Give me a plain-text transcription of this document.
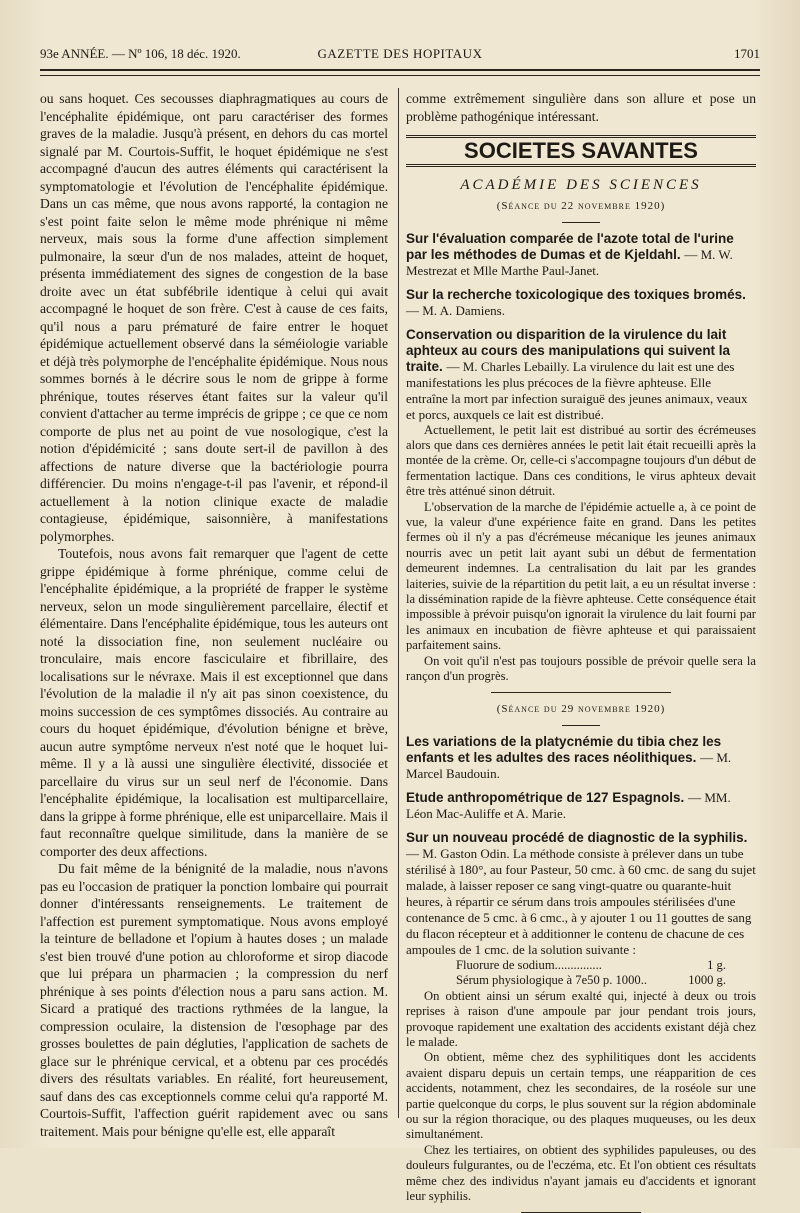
93e ANNÉE. — Nº 106, 18 déc. 1920.	GAZETTE DES HOPITAUX	1701

ou sans hoquet. Ces secousses diaphragmatiques au cours de l'encéphalite épidémique, ont paru caractériser des formes graves de la maladie. Jusqu'à présent, en dehors du cas mortel signalé par M. Courtois-Suffit, le hoquet épidémique ne s'est accompagné d'aucun des autres éléments qui caractérisent la symptomatologie et l'évolution de l'encéphalite épidémique. Dans un cas même, que nous avons rapporté, la contagion ne s'est point faite selon le même mode phrénique ni même nerveux, mais sous la forme d'une affection simplement pulmonaire, la sœur d'un de nos malades, atteint de hoquet, présenta immédiatement des signes de congestion de la base droite avec un état subfébrile identique à celui qui avait accompagné le hoquet de son frère. C'est à cause de ces faits, qu'il nous a paru prématuré de faire entrer le hoquet épidémique actuellement observé dans la séméiologie variable et déjà très polymorphe de l'encéphalite épidémique. Nous nous sommes bornés à le décrire sous le nom de grippe à forme phrénique, toutes réserves étant faites sur la valeur qu'il convient d'attacher au terme imprécis de grippe ; ce que ce nom comporte de plus net au point de vue nosologique, c'est la notion d'épidémicité ; sans doute sert-il de pavillon à des affections de nature diverse que la bactériologie pourra différencier. Du moins n'engage-t-il pas l'avenir, et répond-il actuellement à la notion clinique exacte de maladie contagieuse, épidémique, saisonnière, à manifestations polymorphes.

Toutefois, nous avons fait remarquer que l'agent de cette grippe épidémique à forme phrénique, comme celui de l'encéphalite épidémique, a la propriété de frapper le système nerveux, selon un mode singulièrement parcellaire, électif et élémentaire. Dans l'encéphalite épidémique, tous les auteurs ont noté la dissociation fine, non seulement nucléaire ou tronculaire, mais encore fasciculaire et fibrillaire, des localisations sur le névraxe. Mais il est exceptionnel que dans l'évolution de la maladie il n'y ait pas sinon coexistence, du moins succession de ces symptômes dissociés. Au contraire au cours du hoquet épidémique, d'évolution bénigne et brève, aucun autre symptôme nerveux n'est noté que le hoquet lui-même. Il y a là aussi une singulière électivité, dissociée et parcellaire du virus sur un seul nerf de l'économie. Dans l'encéphalite épidémique, la localisation est multiparcellaire, dans la grippe à forme phrénique, elle est uniparcellaire. Mais il faut reconnaître quelque similitude, dans la manière de se comporter des deux affections.

Du fait même de la bénignité de la maladie, nous n'avons pas eu l'occasion de pratiquer la ponction lombaire qui pourrait donner d'intéressants renseignements. Le traitement de l'affection est purement symptomatique. Nous avons employé la teinture de belladone et l'opium à hautes doses ; un malade s'est bien trouvé d'une potion au chloroforme et sirop diacode que lui prépara un pharmacien ; la compression du nerf phrénique à ses points d'élection nous a paru sans action. M. Sicard a pratiqué des tractions rythmées de la langue, la compression oculaire, la distension de l'œsophage par des grosses boulettes de pain dégluties, l'application de sachets de glace sur le phrénique cervical, et a obtenu par ces procédés divers des résultats variables. En réalité, fort heureusement, sauf dans des cas exceptionnels comme celui qu'a rapporté M. Courtois-Suffit, l'affection guérit rapidement avec ou sans traitement. Mais pour bénigne qu'elle est, elle apparaît

comme extrêmement singulière dans son allure et pose un problème pathogénique intéressant.

SOCIETES SAVANTES
ACADÉMIE DES SCIENCES
(Séance du 22 novembre 1920)
Sur l'évaluation comparée de l'azote total de l'urine par les méthodes de Dumas et de Kjeldahl. — M. W. Mestrezat et Mlle Marthe Paul-Janet.
Sur la recherche toxicologique des toxiques bromés. — M. A. Damiens.
Conservation ou disparition de la virulence du lait aphteux au cours des manipulations qui suivent la traite. — M. Charles Lebailly. La virulence du lait est une des manifestations les plus précoces de la fièvre aphteuse. Elle entraîne la mort par infection suraiguë des jeunes animaux, veaux et porcs, auxquels ce lait est distribué.

Actuellement, le petit lait est distribué au sortir des écrémeuses alors que dans ces dernières années le petit lait était recueilli après la montée de la crème. Or, celle-ci s'accompagne toujours d'un début de fermentation lactique. Dans ces conditions, le virus aphteux devait être très atténué sinon détruit.

L'observation de la marche de l'épidémie actuelle a, à ce point de vue, la valeur d'une expérience faite en grand. Dans les petites fermes où il n'y a pas d'écrémeuse mécanique les jeunes animaux nourris avec un petit lait ayant subi un début de fermentation demeurent indemnes. La centralisation du lait par les grandes laiteries, suivie de la répartition du petit lait, a eu un résultat inverse : la dissémination rapide de la fièvre aphteuse. Cette conséquence était impossible à prévoir puisqu'on ignorait la virulence du lait fourni par les animaux en incubation de fièvre aphteuse et qui paraissaient parfaitement sains.

On voit qu'il n'est pas toujours possible de prévoir quelle sera la rançon d'un progrès.

(Séance du 29 novembre 1920)
Les variations de la platycnémie du tibia chez les enfants et les adultes des races néolithiques. — M. Marcel Baudouin.
Etude anthropométrique de 127 Espagnols. — MM. Léon Mac-Auliffe et A. Marie.
Sur un nouveau procédé de diagnostic de la syphilis. — M. Gaston Odin. La méthode consiste à prélever dans un tube stérilisé à 180°, au four Pasteur, 50 cmc. à 60 cmc. de sang du sujet malade, à laisser reposer ce sang vingt-quatre ou quarante-huit heures, à répartir ce sérum dans trois ampoules stérilisées d'une contenance de 5 cmc. à 6 cmc., à y ajouter 1 ou 11 gouttes de sang du flacon récepteur et à additionner le contenu de chacune de ces ampoules de 1 cmc. de la solution suivante :

Fluorure de sodium...............	1 g.
Sérum physiologique à 7e50 p. 1000..	1000 g.

On obtient ainsi un sérum exalté qui, injecté à deux ou trois reprises à raison d'une ampoule par jour pendant trois jours, provoque rapidement une exaltation des accidents existant déjà chez le malade.

On obtient, même chez des syphilitiques dont les accidents avaient disparu depuis un certain temps, une réapparition de ces accidents, notamment, chez les secondaires, de la roséole sur une partie quelconque du corps, le plus souvent sur la région abdominale ou sur la région thoracique, ou des plaques muqueuses, ou les deux simultanément.

Chez les tertiaires, on obtient des syphilides papuleuses, ou des douleurs fulgurantes, ou de l'eczéma, etc. Et l'on obtient ces résultats même chez des individus n'ayant jamais eu d'accidents et ignorant leur syphilis.
